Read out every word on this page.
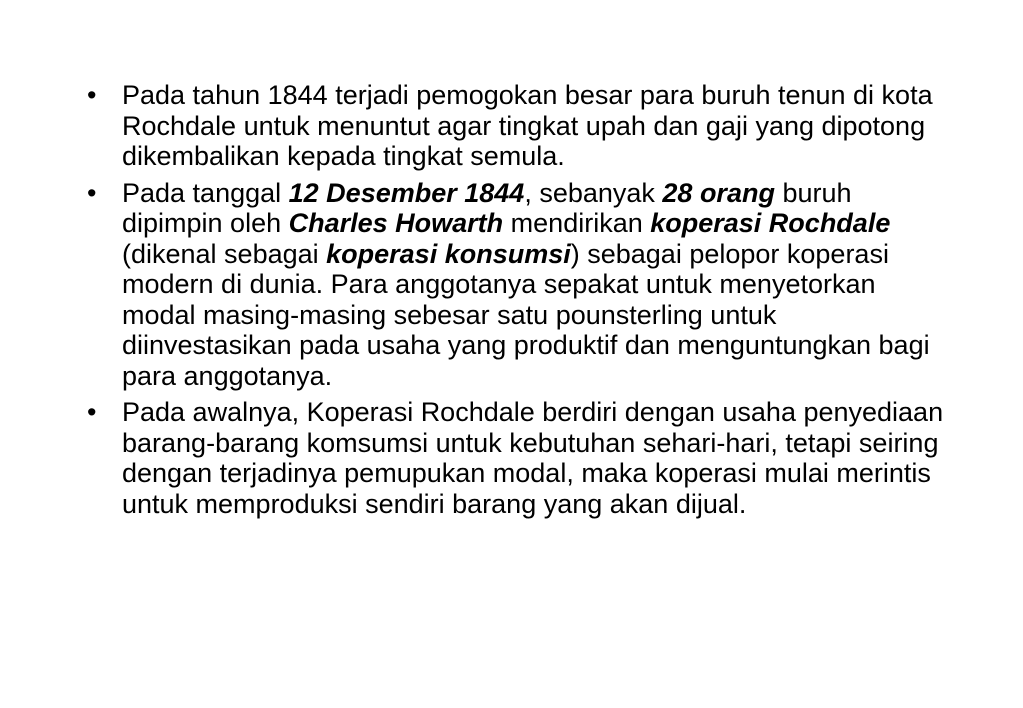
• Pada tahun 1844 terjadi pemogokan besar para buruh tenun di kota Rochdale untuk menuntut agar tingkat upah dan gaji yang dipotong dikembalikan kepada tingkat semula.
• Pada tanggal 12 Desember 1844, sebanyak 28 orang buruh dipimpin oleh Charles Howarth mendirikan koperasi Rochdale (dikenal sebagai koperasi konsumsi) sebagai pelopor koperasi modern di dunia. Para anggotanya sepakat untuk menyetorkan modal masing-masing sebesar satu pounsterling untuk diinvestasikan pada usaha yang produktif dan menguntungkan bagi para anggotanya.
• Pada awalnya, Koperasi Rochdale berdiri dengan usaha penyediaan barang-barang komsumsi untuk kebutuhan sehari-hari, tetapi seiring dengan terjadinya pemupukan modal, maka koperasi mulai merintis untuk memproduksi sendiri barang yang akan dijual.
